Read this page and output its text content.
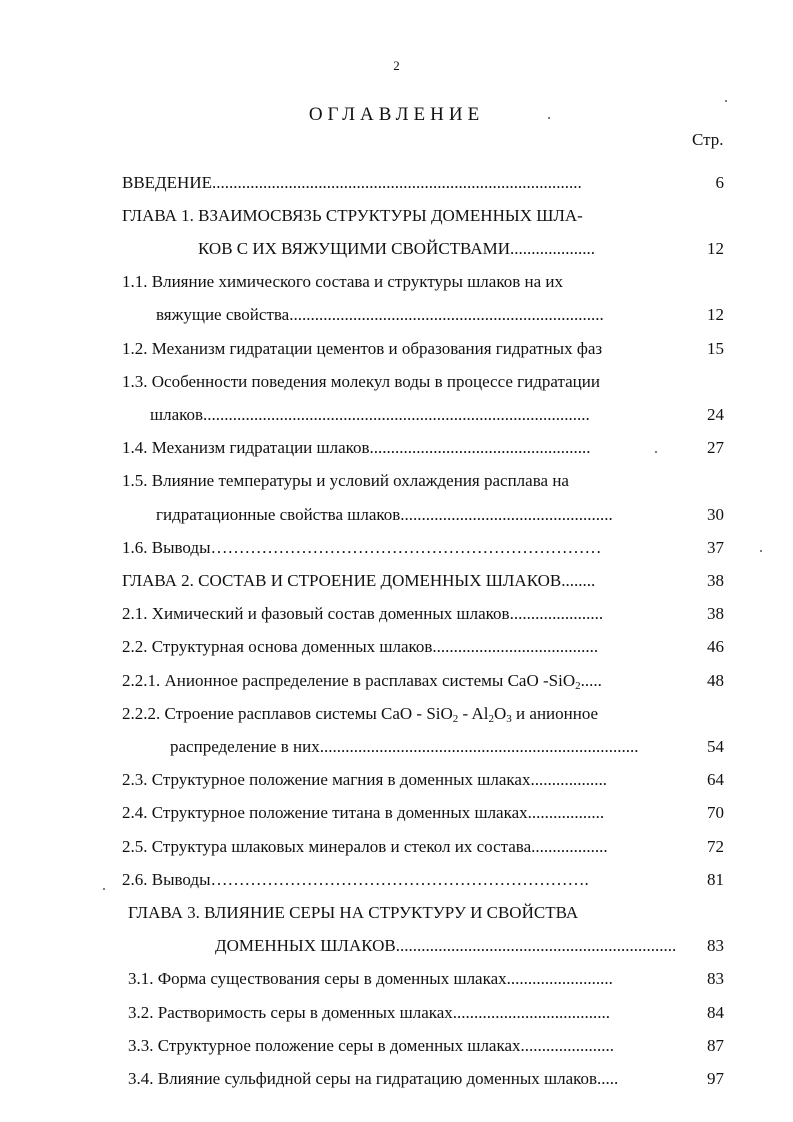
2
ОГЛАВЛЕНИЕ
Стр.
ВВЕДЕНИЕ.......................................................................................	6
ГЛАВА 1. ВЗАИМОСВЯЗЬ СТРУКТУРЫ ДОМЕННЫХ ШЛА-
КОВ С ИХ ВЯЖУЩИМИ СВОЙСТВАМИ....................	12
1.1. Влияние химического состава и структуры шлаков на их
вяжущие свойства..........................................................................	12
1.2. Механизм гидратации цементов и образования гидратных фаз	15
1.3. Особенности поведения молекул воды в процессе гидратации
шлаков...........................................................................................	24
1.4. Механизм гидратации шлаков....................................................	27
1.5. Влияние температуры и условий охлаждения расплава на
гидратационные свойства шлаков..................................................	30
1.6. Выводы……………………………………………………………	37
ГЛАВА 2. СОСТАВ И СТРОЕНИЕ ДОМЕННЫХ ШЛАКОВ........	38
2.1. Химический и фазовый состав доменных шлаков......................	38
2.2. Структурная основа доменных шлаков.......................................	46
2.2.1. Анионное распределение в расплавах системы CaO -SiO$_2$.....	48
2.2.2. Строение расплавов системы CaO - $SiO_2 - Al_2O_3$ и анионное
распределение в них...........................................................................	54
2.3. Структурное положение магния в доменных шлаках..................	64
2.4. Структурное положение титана в доменных шлаках..................	70
2.5. Структура шлаковых минералов и стекол их состава..................	72
2.6. Выводы………………………………………………………….	81
ГЛАВА 3. ВЛИЯНИЕ СЕРЫ НА СТРУКТУРУ И СВОЙСТВА
ДОМЕННЫХ ШЛАКОВ..................................................................	83
3.1. Форма существования серы в доменных шлаках.........................	83
3.2. Растворимость серы в доменных шлаках.....................................	84
3.3. Структурное положение серы в доменных шлаках......................	87
3.4. Влияние сульфидной серы на гидратацию доменных шлаков.....	97
